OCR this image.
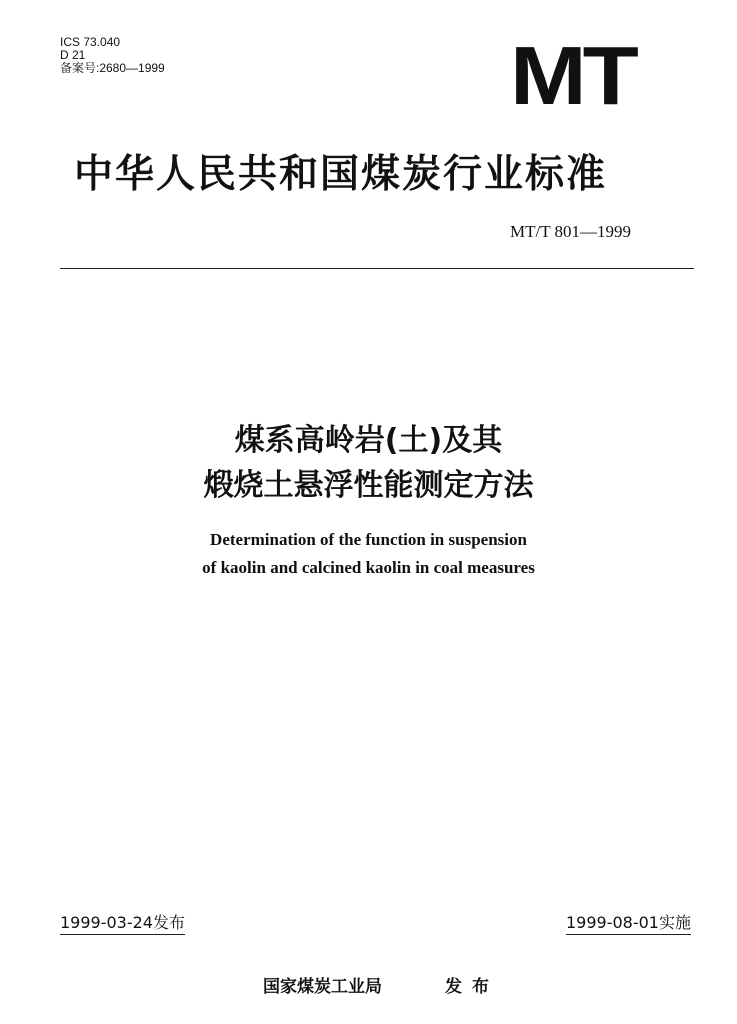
ICS 73.040
D 21
备案号:2680—1999	MT
中华人民共和国煤炭行业标准
MT/T 801—1999
煤系高岭岩(土)及其
煅烧土悬浮性能测定方法
Determination of the function in suspension
of kaolin and calcined kaolin in coal measures
1999-03-24发布	1999-08-01实施
国家煤炭工业局	发布
